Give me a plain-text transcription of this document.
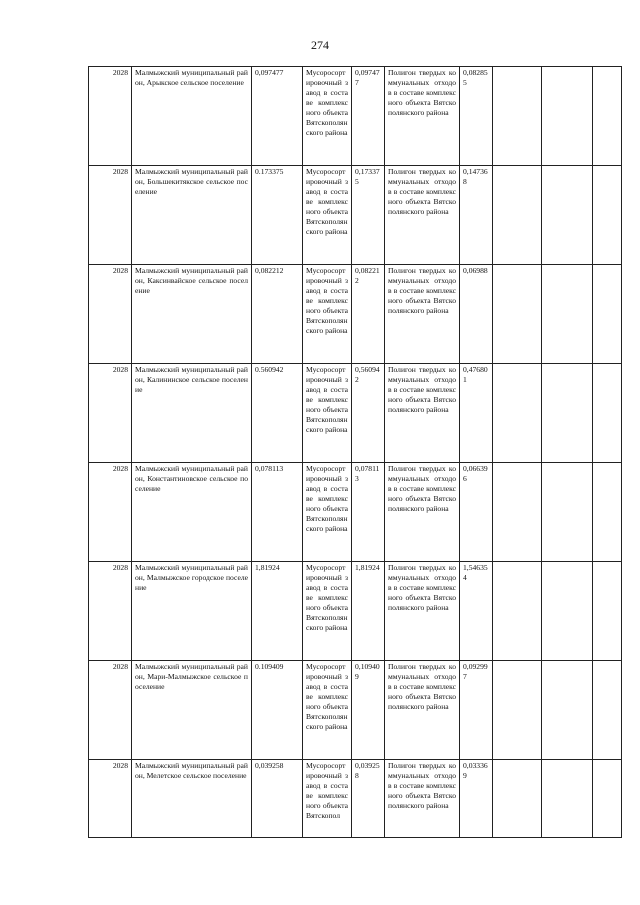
274
2028	Малмыжский муниципальный район, Арыкское сельское поселение	0,097477	Мусоросортировочный завод в составе комплексного объекта Вятскополянского района	0,097477	Полигон твердых коммунальных отходов в составе комплексного объекта Вятскополянского района	0,082855			
2028	Малмыжский муниципальный район, Большекитякское сельское поселение	0.173375	Мусоросортировочный завод в составе комплексного объекта Вятскополянского района	0,173375	Полигон твердых коммунальных отходов в составе комплексного объекта Вятскополянского района	0,147368			
2028	Малмыжский муниципальный район, Каксинвайское сельское поселение	0,082212	Мусоросортировочный завод в составе комплексного объекта Вятскополянского района	0,082212	Полигон твердых коммунальных отходов в составе комплексного объекта Вятскополянского района	0,06988			
2028	Малмыжский муниципальный район, Калининское сельское поселение	0.560942	Мусоросортировочный завод в составе комплексного объекта Вятскополянского района	0,560942	Полигон твердых коммунальных отходов в составе комплексного объекта Вятскополянского района	0,476801			
2028	Малмыжский муниципальный район, Константиновское сельское поселение	0,078113	Мусоросортировочный завод в составе комплексного объекта Вятскополянского района	0,078113	Полигон твердых коммунальных отходов в составе комплексного объекта Вятскополянского района	0,066396			
2028	Малмыжский муниципальный район, Малмыжское городское поселение	1,81924	Мусоросортировочный завод в составе комплексного объекта Вятскополянского района	1,81924	Полигон твердых коммунальных отходов в составе комплексного объекта Вятскополянского района	1,546354			
2028	Малмыжский муниципальный район, Мари-Малмыжское сельское поселение	0.109409	Мусоросортировочный завод в составе комплексного объекта Вятскополянского района	0,109409	Полигон твердых коммунальных отходов в составе комплексного объекта Вятскополянского района	0,092997			
2028	Малмыжский муниципальный район, Мелетское сельское поселение	0,039258	Мусоросортировочный завод в составе комплексного объекта Вятскопол	0,039258	Полигон твердых коммунальных отходов в составе комплексного объекта Вятскополянского района	0,033369			
